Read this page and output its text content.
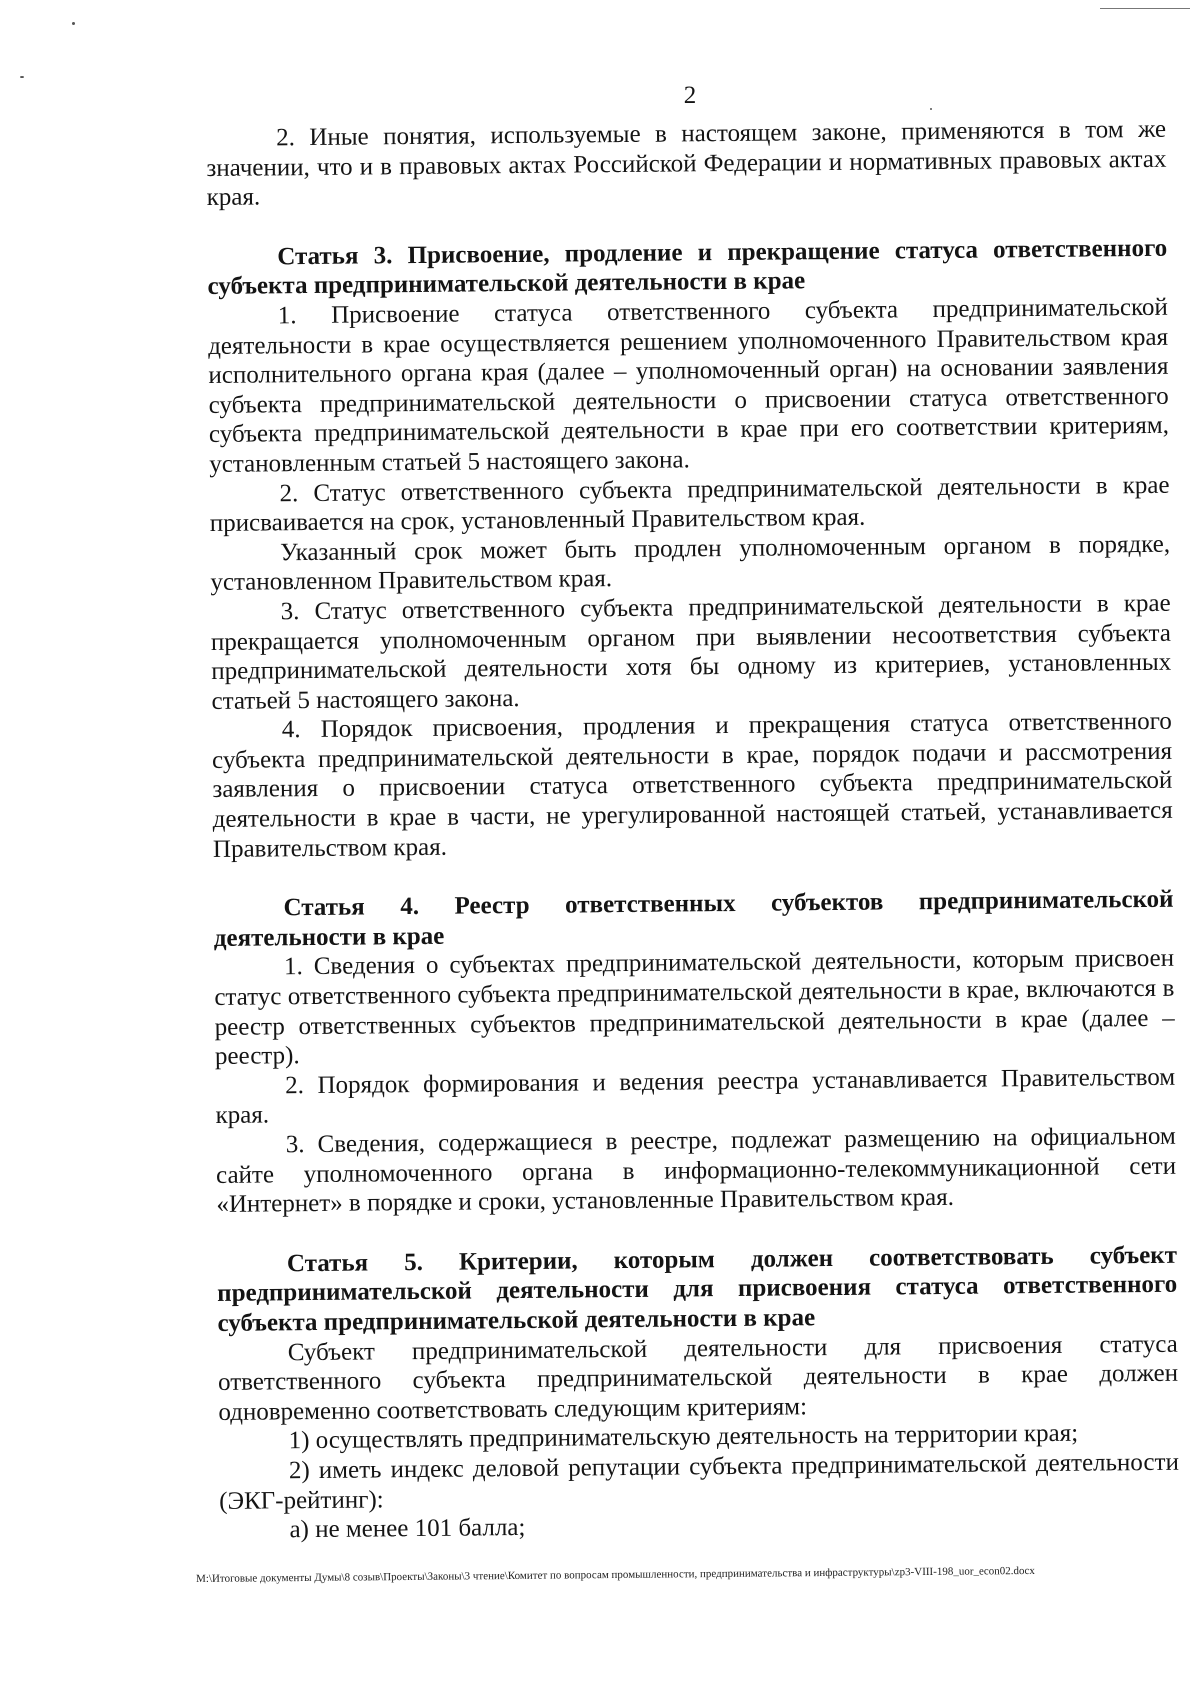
2

2. Иные понятия, используемые в настоящем законе, применяются в том же значении, что и в правовых актах Российской Федерации и нормативных правовых актах края.

Статья 3. Присвоение, продление и прекращение статуса ответственного субъекта предпринимательской деятельности в крае

1. Присвоение статуса ответственного субъекта предпринимательской деятельности в крае осуществляется решением уполномоченного Правительством края исполнительного органа края (далее – уполномоченный орган) на основании заявления субъекта предпринимательской деятельности о присвоении статуса ответственного субъекта предпринимательской деятельности в крае при его соответствии критериям, установленным статьей 5 настоящего закона.

2. Статус ответственного субъекта предпринимательской деятельности в крае присваивается на срок, установленный Правительством края.

Указанный срок может быть продлен уполномоченным органом в порядке, установленном Правительством края.

3. Статус ответственного субъекта предпринимательской деятельности в крае прекращается уполномоченным органом при выявлении несоответствия субъекта предпринимательской деятельности хотя бы одному из критериев, установленных статьей 5 настоящего закона.

4. Порядок присвоения, продления и прекращения статуса ответственного субъекта предпринимательской деятельности в крае, порядок подачи и рассмотрения заявления о присвоении статуса ответственного субъекта предпринимательской деятельности в крае в части, не урегулированной настоящей статьей, устанавливается Правительством края.

Статья 4. Реестр ответственных субъектов предпринимательской деятельности в крае

1. Сведения о субъектах предпринимательской деятельности, которым присвоен статус ответственного субъекта предпринимательской деятельности в крае, включаются в реестр ответственных субъектов предпринимательской деятельности в крае (далее – реестр).

2. Порядок формирования и ведения реестра устанавливается Правительством края.

3. Сведения, содержащиеся в реестре, подлежат размещению на официальном сайте уполномоченного органа в информационно-телекоммуникационной сети «Интернет» в порядке и сроки, установленные Правительством края.

Статья 5. Критерии, которым должен соответствовать субъект предпринимательской деятельности для присвоения статуса ответственного субъекта предпринимательской деятельности в крае

Субъект предпринимательской деятельности для присвоения статуса ответственного субъекта предпринимательской деятельности в крае должен одновременно соответствовать следующим критериям:

1) осуществлять предпринимательскую деятельность на территории края;

2) иметь индекс деловой репутации субъекта предпринимательской деятельности (ЭКГ-рейтинг):

а) не менее 101 балла;

M:\Итоговые документы Думы\8 созыв\Проекты\Законы\3 чтение\Комитет по вопросам промышленности, предпринимательства и инфраструктуры\zp3-VIII-198_uor_econ02.docx
